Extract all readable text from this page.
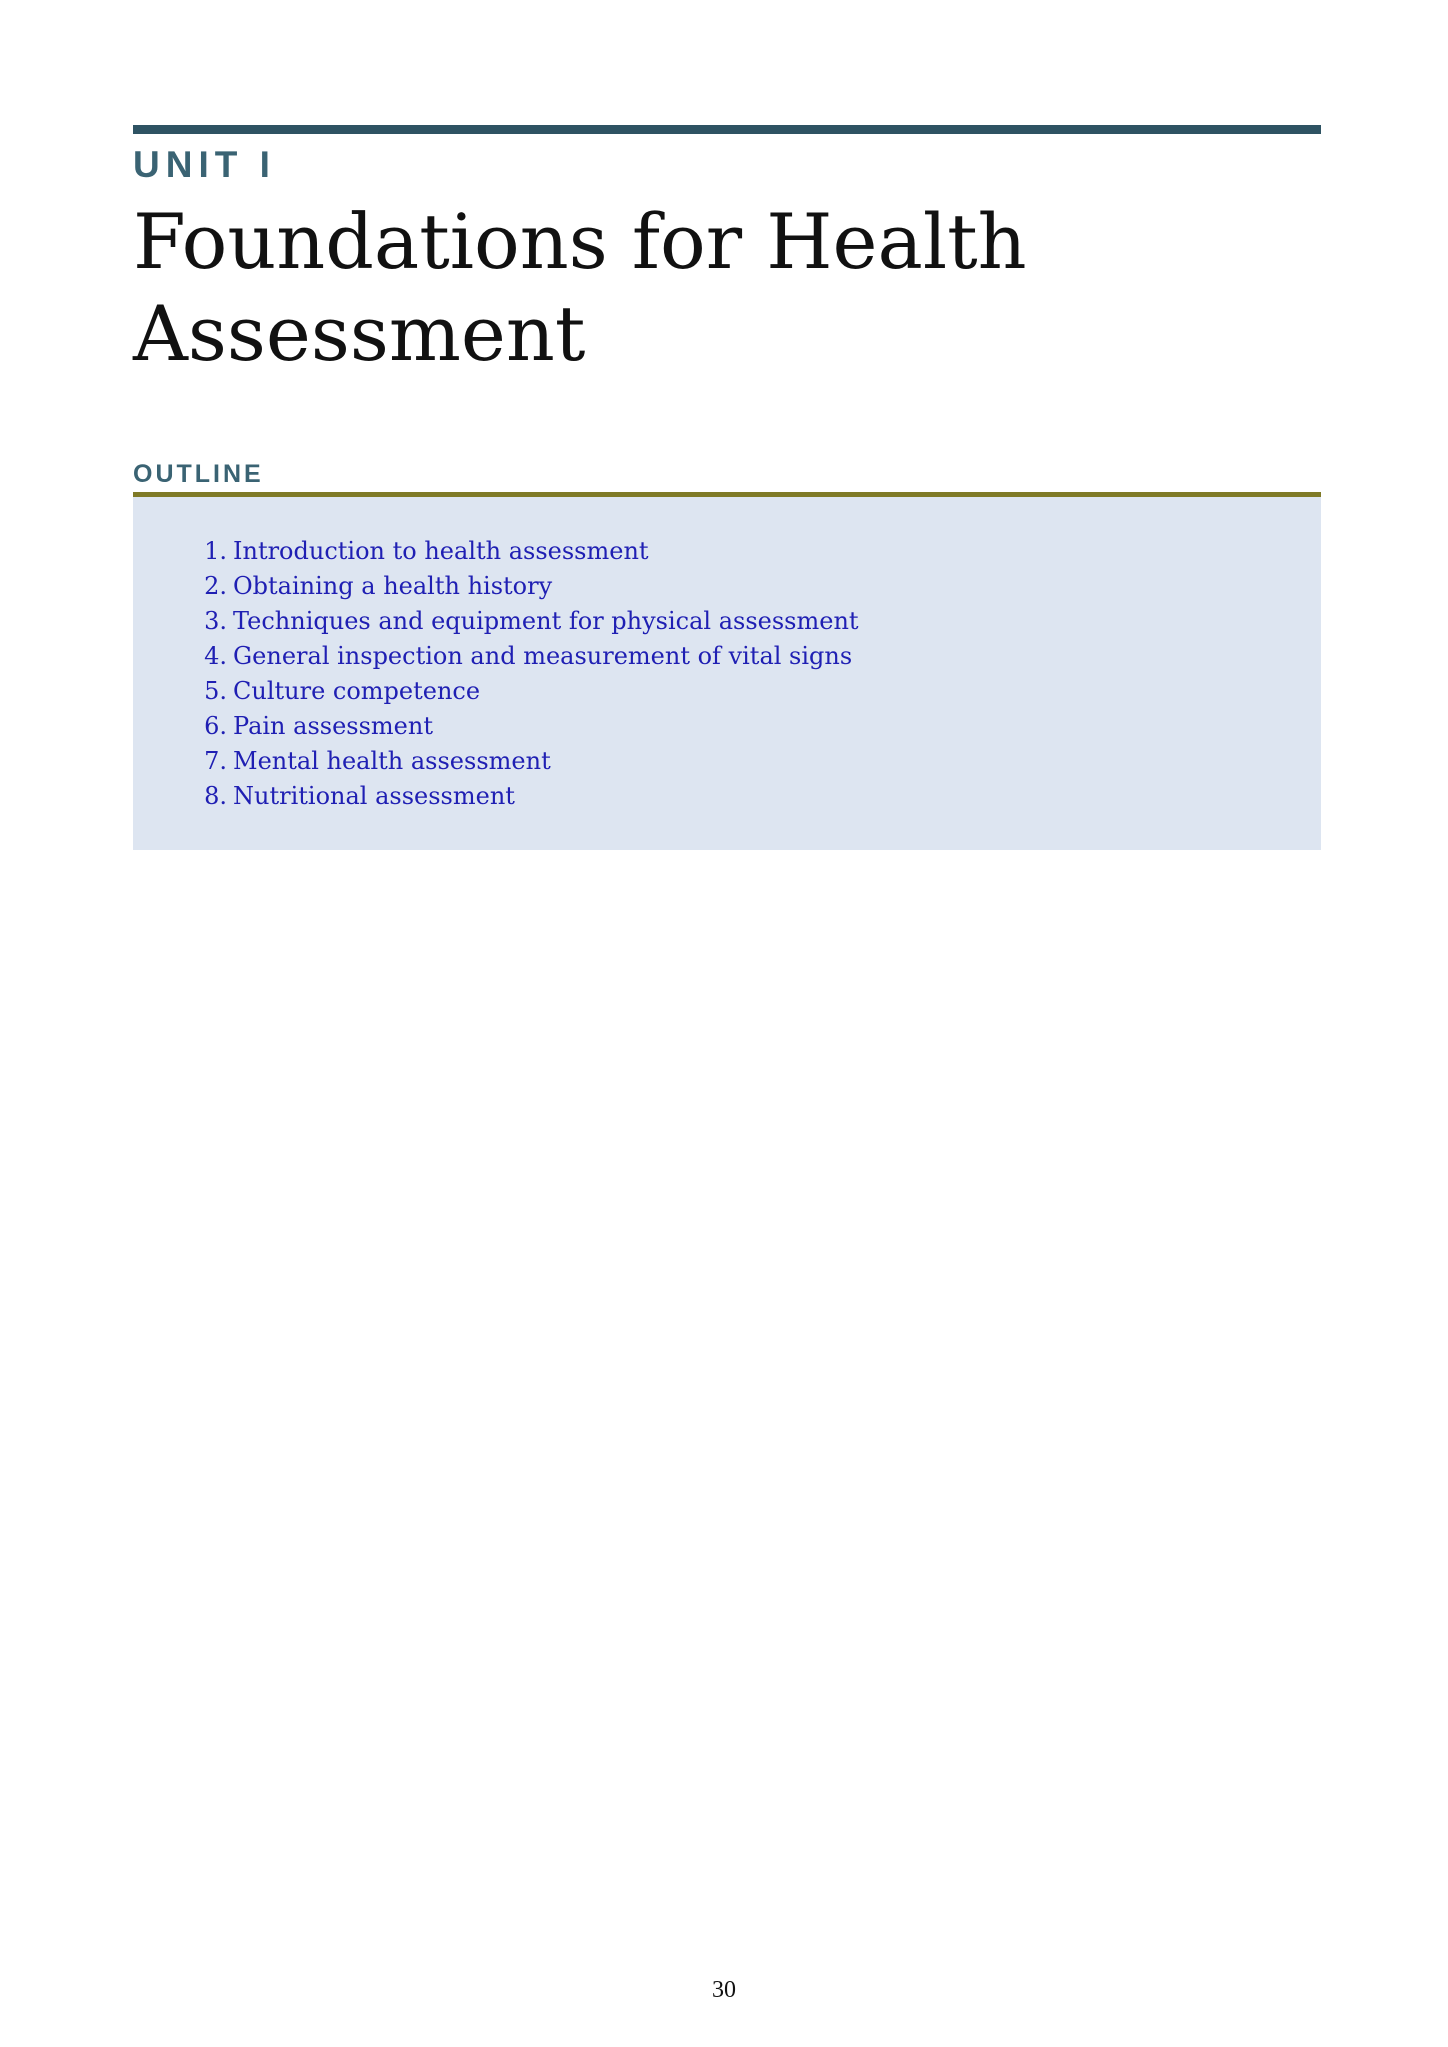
UNIT I
Foundations for Health Assessment
OUTLINE
1. Introduction to health assessment
2. Obtaining a health history
3. Techniques and equipment for physical assessment
4. General inspection and measurement of vital signs
5. Culture competence
6. Pain assessment
7. Mental health assessment
8. Nutritional assessment
30
